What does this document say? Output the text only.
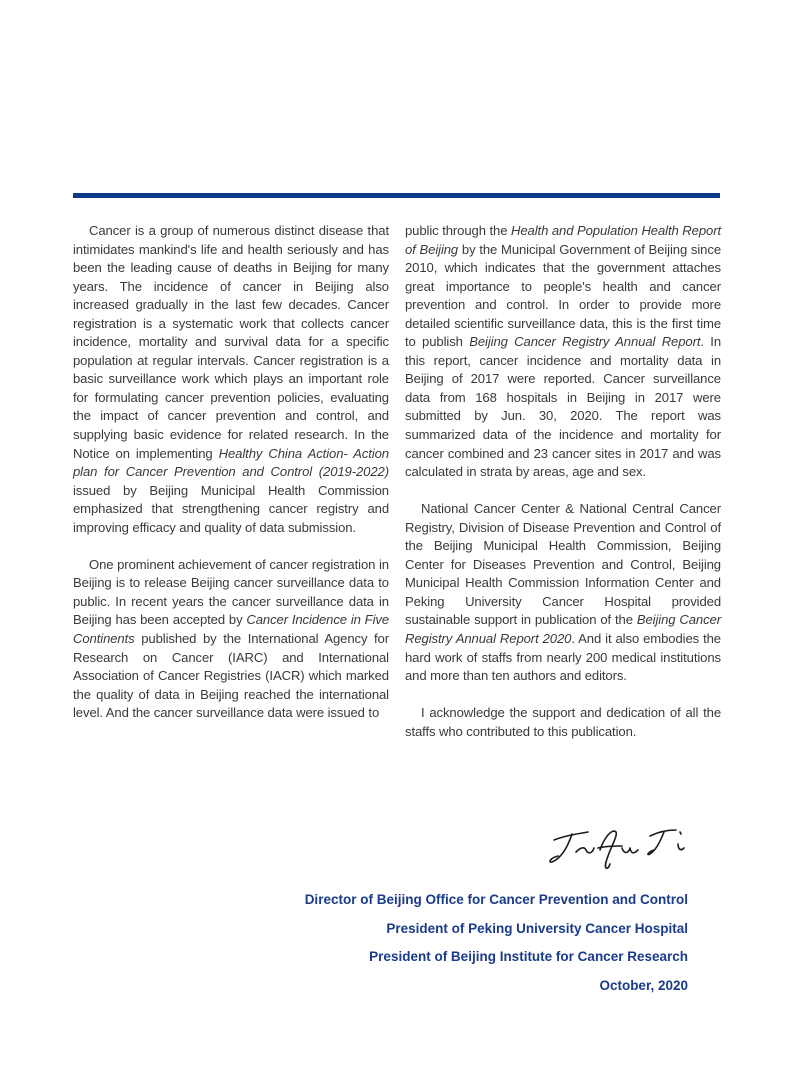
Cancer is a group of numerous distinct disease that intimidates mankind's life and health seriously and has been the leading cause of deaths in Beijing for many years. The incidence of cancer in Beijing also increased gradually in the last few decades. Cancer registration is a systematic work that collects cancer incidence, mortality and survival data for a specific population at regular intervals. Cancer registration is a basic surveillance work which plays an important role for formulating cancer prevention policies, evaluating the impact of cancer prevention and control, and supplying basic evidence for related research. In the Notice on implementing Healthy China Action- Action plan for Cancer Prevention and Control (2019-2022) issued by Beijing Municipal Health Commission emphasized that strengthening cancer registry and improving efficacy and quality of data submission.

One prominent achievement of cancer registration in Beijing is to release Beijing cancer surveillance data to public. In recent years the cancer surveillance data in Beijing has been accepted by Cancer Incidence in Five Continents published by the International Agency for Research on Cancer (IARC) and International Association of Cancer Registries (IACR) which marked the quality of data in Beijing reached the international level. And the cancer surveillance data were issued to

public through the Health and Population Health Report of Beijing by the Municipal Government of Beijing since 2010, which indicates that the government attaches great importance to people's health and cancer prevention and control. In order to provide more detailed scientific surveillance data, this is the first time to publish Beijing Cancer Registry Annual Report. In this report, cancer incidence and mortality data in Beijing of 2017 were reported. Cancer surveillance data from 168 hospitals in Beijing in 2017 were submitted by Jun. 30, 2020. The report was summarized data of the incidence and mortality for cancer combined and 23 cancer sites in 2017 and was calculated in strata by areas, age and sex.

National Cancer Center & National Central Cancer Registry, Division of Disease Prevention and Control of the Beijing Municipal Health Commission, Beijing Center for Diseases Prevention and Control, Beijing Municipal Health Commission Information Center and Peking University Cancer Hospital provided sustainable support in publication of the Beijing Cancer Registry Annual Report 2020. And it also embodies the hard work of staffs from nearly 200 medical institutions and more than ten authors and editors.

I acknowledge the support and dedication of all the staffs who contributed to this publication.

Director of Beijing Office for Cancer Prevention and Control
President of Peking University Cancer Hospital
President of Beijing Institute for Cancer Research
October, 2020
